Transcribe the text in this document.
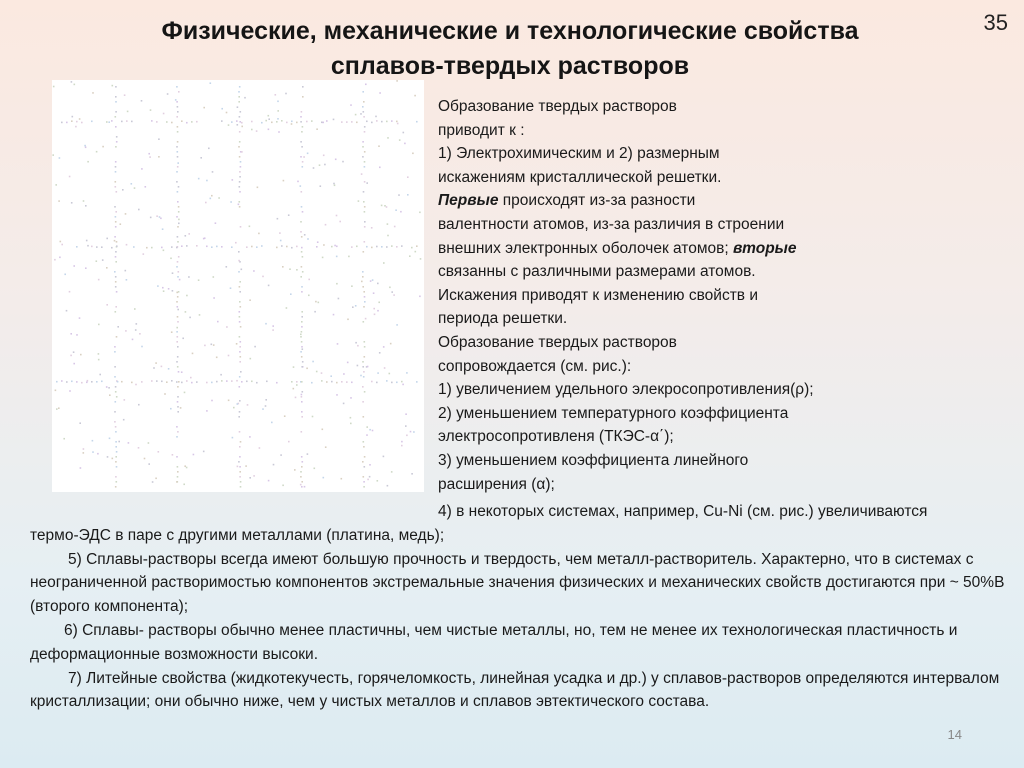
35
Физические, механические и технологические свойства
сплавов-твердых растворов

Образование твердых растворов

приводит к :

1) Электрохимическим и 2) размерным

искажениям кристаллической решетки.

Первые происходят из-за разности

валентности атомов, из-за различия в строении

внешних электронных оболочек атомов; вторые

связанны с различными размерами атомов.

Искажения приводят к изменению свойств и

периода решетки.

Образование твердых растворов

сопровождается (см. рис.):

1) увеличением удельного элекросопротивления(ρ);

2) уменьшением температурного коэффициента

электросопротивленя (ТКЭС-α΄);

3) уменьшением коэффициента линейного

расширения (α);

4) в некоторых системах, например, Cu-Ni (см. рис.) увеличиваются

термо-ЭДС в паре с другими металлами (платина, медь);

5) Сплавы-растворы всегда имеют большую прочность и твердость, чем металл-растворитель. Характерно, что в системах с неограниченной растворимостью компонентов экстремальные значения физических и механических свойств достигаются при ~ 50%В (второго компонента);

6) Сплавы- растворы обычно менее пластичны, чем чистые металлы, но, тем не менее их технологическая пластичность и деформационные возможности высоки.

7) Литейные свойства (жидкотекучесть, горячеломкость, линейная усадка и др.) у сплавов-растворов определяются интервалом кристаллизации; они обычно ниже, чем у чистых металлов и сплавов эвтектического состава.

14
